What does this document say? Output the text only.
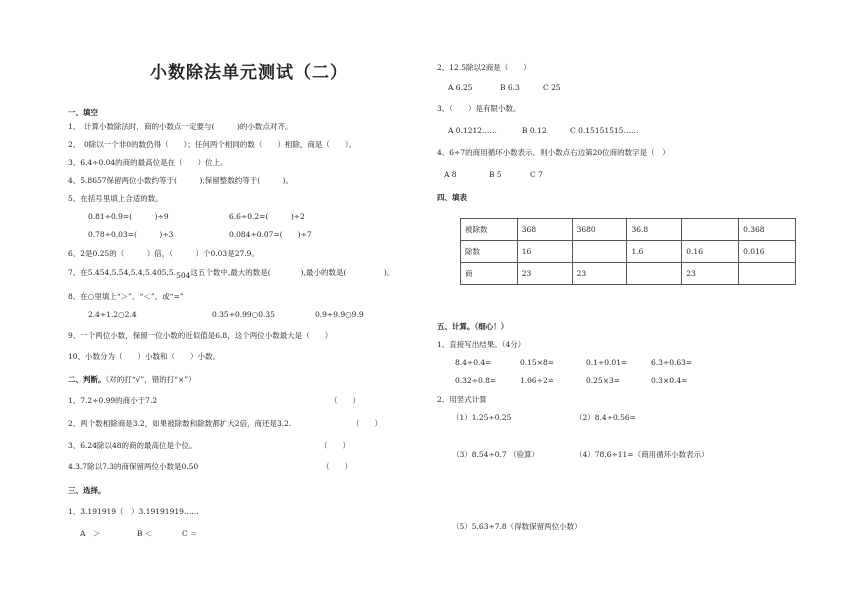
小数除法单元测试（二）
一、填空
1、　计算小数除法时，商的小数点一定要与(　　　)的小数点对齐。
2、　0除以一个非0的数仍得（　　）；任何两个相同的数（　　）相除，商是（　　）。
3、6.4÷0.04的商的最高位是在（　　）位上。
4、5.8657保留两位小数约等于(　　　),保留整数约等于(　　　)。
5、在括号里填上合适的数。
0.81÷0.9=(　　　)÷9	6.6÷0.2=(　　　)÷2
0.78÷0.03=(　　　)÷3	0.084÷0.07=(　　)÷7
6、2是0.25的（　　　）倍，（　　　）个0.03是27.9。
7、在5.454,5.54,5.4,5.405,5.504这五个数中,最大的数是(　　　　),最小的数是(　　　　　)。
8、在○里填上“＞”、“＜”、或“=”
2.4÷1.2○2.4	0.35÷0.99○0.35	0.9÷9.9○9.9
9、一个两位小数，保留一位小数的近似值是6.8，这个两位小数最大是（　　）
10、小数分为（　　）小数和（　　）小数。
二、判断。（对的打“√”，错的打“×”）
1、7.2÷0.99的商小于7.2	（　　）
2、两个数相除商是3.2，如果被除数和除数都扩大2倍，商还是3.2.	（　　）
3、6.24除以48的商的最高位是个位。	（　　）
4.3.7除以7.3的商保留两位小数是0.50	（　　）
三、选择。
1、3.191919（　）3.19191919……
A　＞	B ＜	C ＝
2、12.5除以2商是（　　）
A 6.25	B 6.3	C 25
3、（　　）是有限小数。
A 0.1212……	B 0.12	C 0.15151515……
4、6÷7的商用循环小数表示，则小数点右边第20位商的数字是（　）
A 8	B 5	C 7
四、填表
被除数	368	3680	36.8		0.368
除数	16		1.6	0.16	0.016
商	23	23		23	
五、计算。（细心！）
1、直接写出结果。（4分）
8.4÷0.4=	0.15×8=	0.1÷0.01=	6.3÷0.63=
0.32÷0.8=	1.06÷2=	0.25×3=	0.3×0.4=
2、用竖式计算
（1）1.25÷0.25	（2）8.4÷0.56=
（3）8.54÷0.7 （验算）	（4）78.6÷11=（商用循环小数表示）
（5）5.63÷7.8（得数保留两位小数）
